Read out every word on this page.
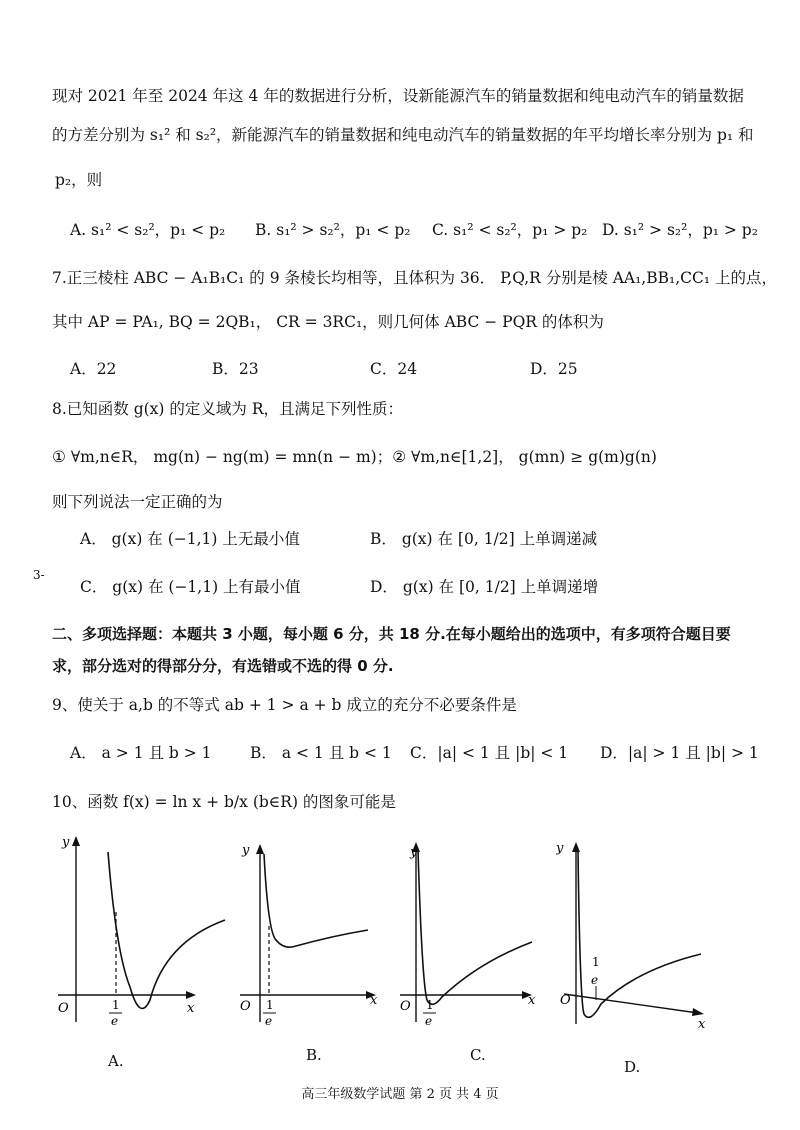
现对 2021 年至 2024 年这 4 年的数据进行分析，设新能源汽车的销量数据和纯电动汽车的销量数据
的方差分别为 s₁² 和 s₂²，新能源汽车的销量数据和纯电动汽车的销量数据的年平均增长率分别为 p₁ 和
p₂，则
A. s₁² < s₂²，p₁ < p₂ B. s₁² > s₂²，p₁ < p₂ C. s₁² < s₂²，p₁ > p₂ D. s₁² > s₂²，p₁ > p₂
7.正三棱柱 ABC − A₁B₁C₁ 的 9 条棱长均相等，且体积为 36． P,Q,R 分别是棱 AA₁,BB₁,CC₁ 上的点，
其中 AP = PA₁, BQ = 2QB₁， CR = 3RC₁，则几何体 ABC − PQR 的体积为
A．22	B．23	C．24	D．25
8.已知函数 g(x) 的定义域为 R，且满足下列性质：
① ∀m,n∈R， mg(n) − ng(m) = mn(n − m)；② ∀m,n∈[1,2]， g(mn) ≥ g(m)g(n)
则下列说法一定正确的为
A． g(x) 在 (−1,1) 上无最小值	B． g(x) 在 [0, 1/2] 上单调递减
3-
C． g(x) 在 (−1,1) 上有最小值	D． g(x) 在 [0, 1/2] 上单调递增
二、多项选择题：本题共 3 小题，每小题 6 分，共 18 分.在每小题给出的选项中，有多项符合题目要
求，部分选对的得部分分，有选错或不选的得 0 分.
9、使关于 a,b 的不等式 ab + 1 > a + b 成立的充分不必要条件是
A． a > 1 且 b > 1 B． a < 1 且 b < 1 C．|a| < 1 且 |b| < 1 D．|a| > 1 且 |b| > 1
10、函数 f(x) = ln x + b/x (b∈R) 的图象可能是
y
x
O	1
e
A.
y
x
O 1
e
B.
y
x
O 1
e
C.
y
x
O
1
e
D.
高三年级数学试题 第 2 页 共 4 页
